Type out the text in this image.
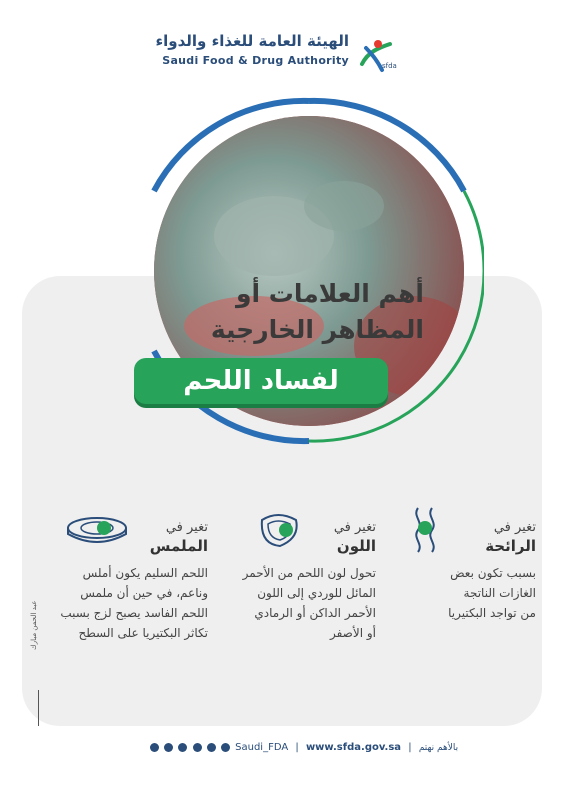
الهيئة العامة للغذاء والدواء
Saudi Food & Drug Authority	sfda
أهم العلامات أو
المظاهر الخارجية
لفساد اللحم
تغير في
الرائحة
بسبب تكون بعض
الغازات الناتجة
من تواجد البكتيريا
تغير في
اللون
تحول لون اللحم من الأحمر
المائل للوردي إلى اللون
الأحمر الداكن أو الرمادي
أو الأصفر
تغير في
الملمس
اللحم السليم يكون أملس
وناعم، في حين أن ملمس
اللحم الفاسد يصبح لزج بسبب
تكاثر البكتيريا على السطح
عبد الحمن مبارك
Saudi_FDA | www.sfda.gov.sa | بالأهم نهتم
